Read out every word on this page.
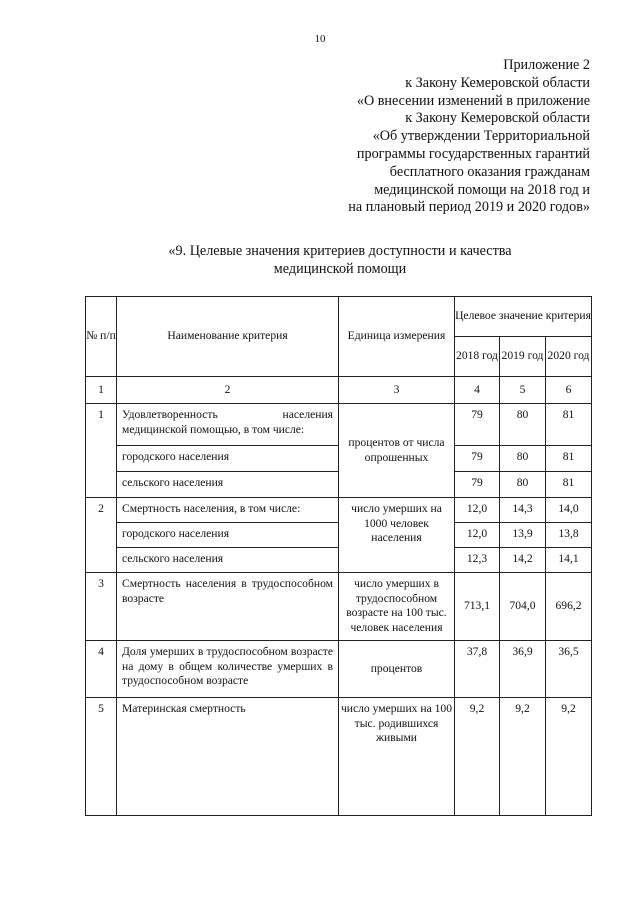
10
Приложение 2
к Закону Кемеровской области
«О внесении изменений в приложение
к Закону Кемеровской области
«Об утверждении Территориальной
программы государственных гарантий
бесплатного оказания гражданам
медицинской помощи на 2018 год и
на плановый период 2019 и 2020 годов»
«9. Целевые значения критериев доступности и качества
медицинской помощи
№ п/п	Наименование критерия	Единица измерения	Целевое значение критерия		
			2018 год	2019 год	2020 год
1	2	3	4	5	6
1	Удовлетворенность населения медицинской помощью, в том числе:	процентов от числа опрошенных	79	80	81
	городского населения		79	80	81
	сельского населения		79	80	81
2	Смертность населения, в том числе:	число умерших на 1000 человек населения	12,0	14,3	14,0
	городского населения		12,0	13,9	13,8
	сельского населения		12,3	14,2	14,1
3	Смертность населения в трудоспособном возрасте	число умерших в трудоспособном возрасте на 100 тыс. человек населения	713,1	704,0	696,2
4	Доля умерших в трудоспособном возрасте на дому в общем количестве умерших в трудоспособном возрасте	процентов	37,8	36,9	36,5
5	Материнская смертность	число умерших на 100 тыс. родившихся живыми	9,2	9,2	9,2
